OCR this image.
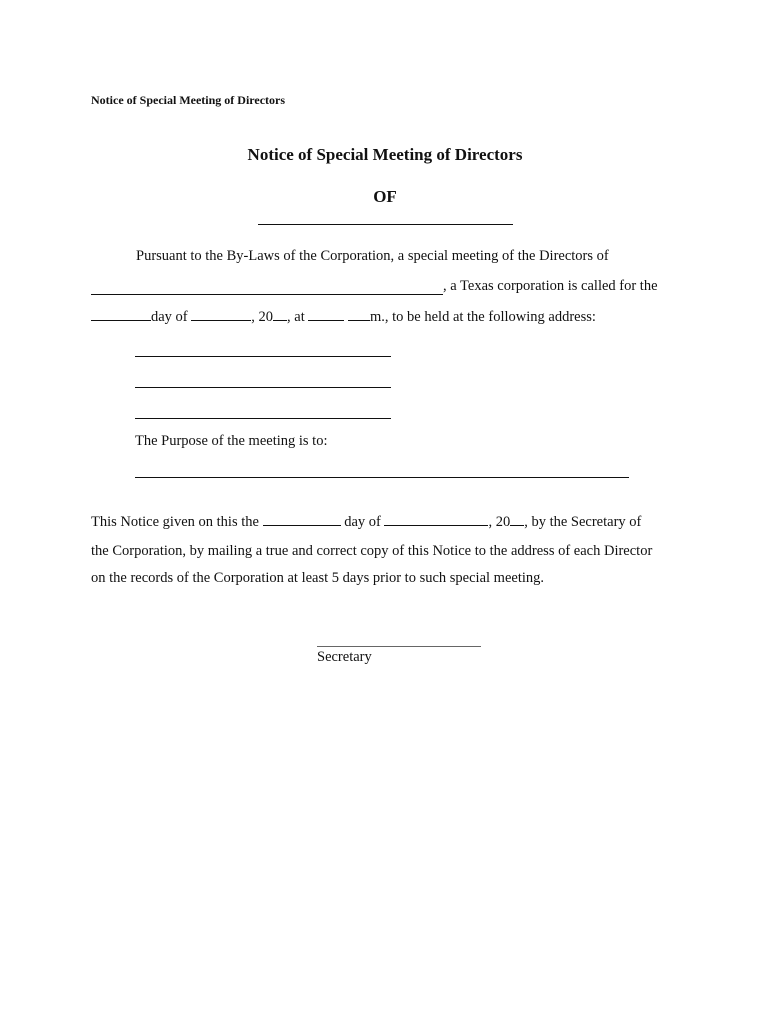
Notice of Special Meeting of Directors
Notice of Special Meeting of Directors
OF
Pursuant to the By-Laws of the Corporation, a special meeting of the Directors of
, a Texas corporation is called for the
day of	, 20 , at	m., to be held at the following address:
The Purpose of the meeting is to:
This Notice given on this the	day of	, 20 , by the Secretary of
the Corporation, by mailing a true and correct copy of this Notice to the address of each Director
on the records of the Corporation at least 5 days prior to such special meeting.
Secretary
